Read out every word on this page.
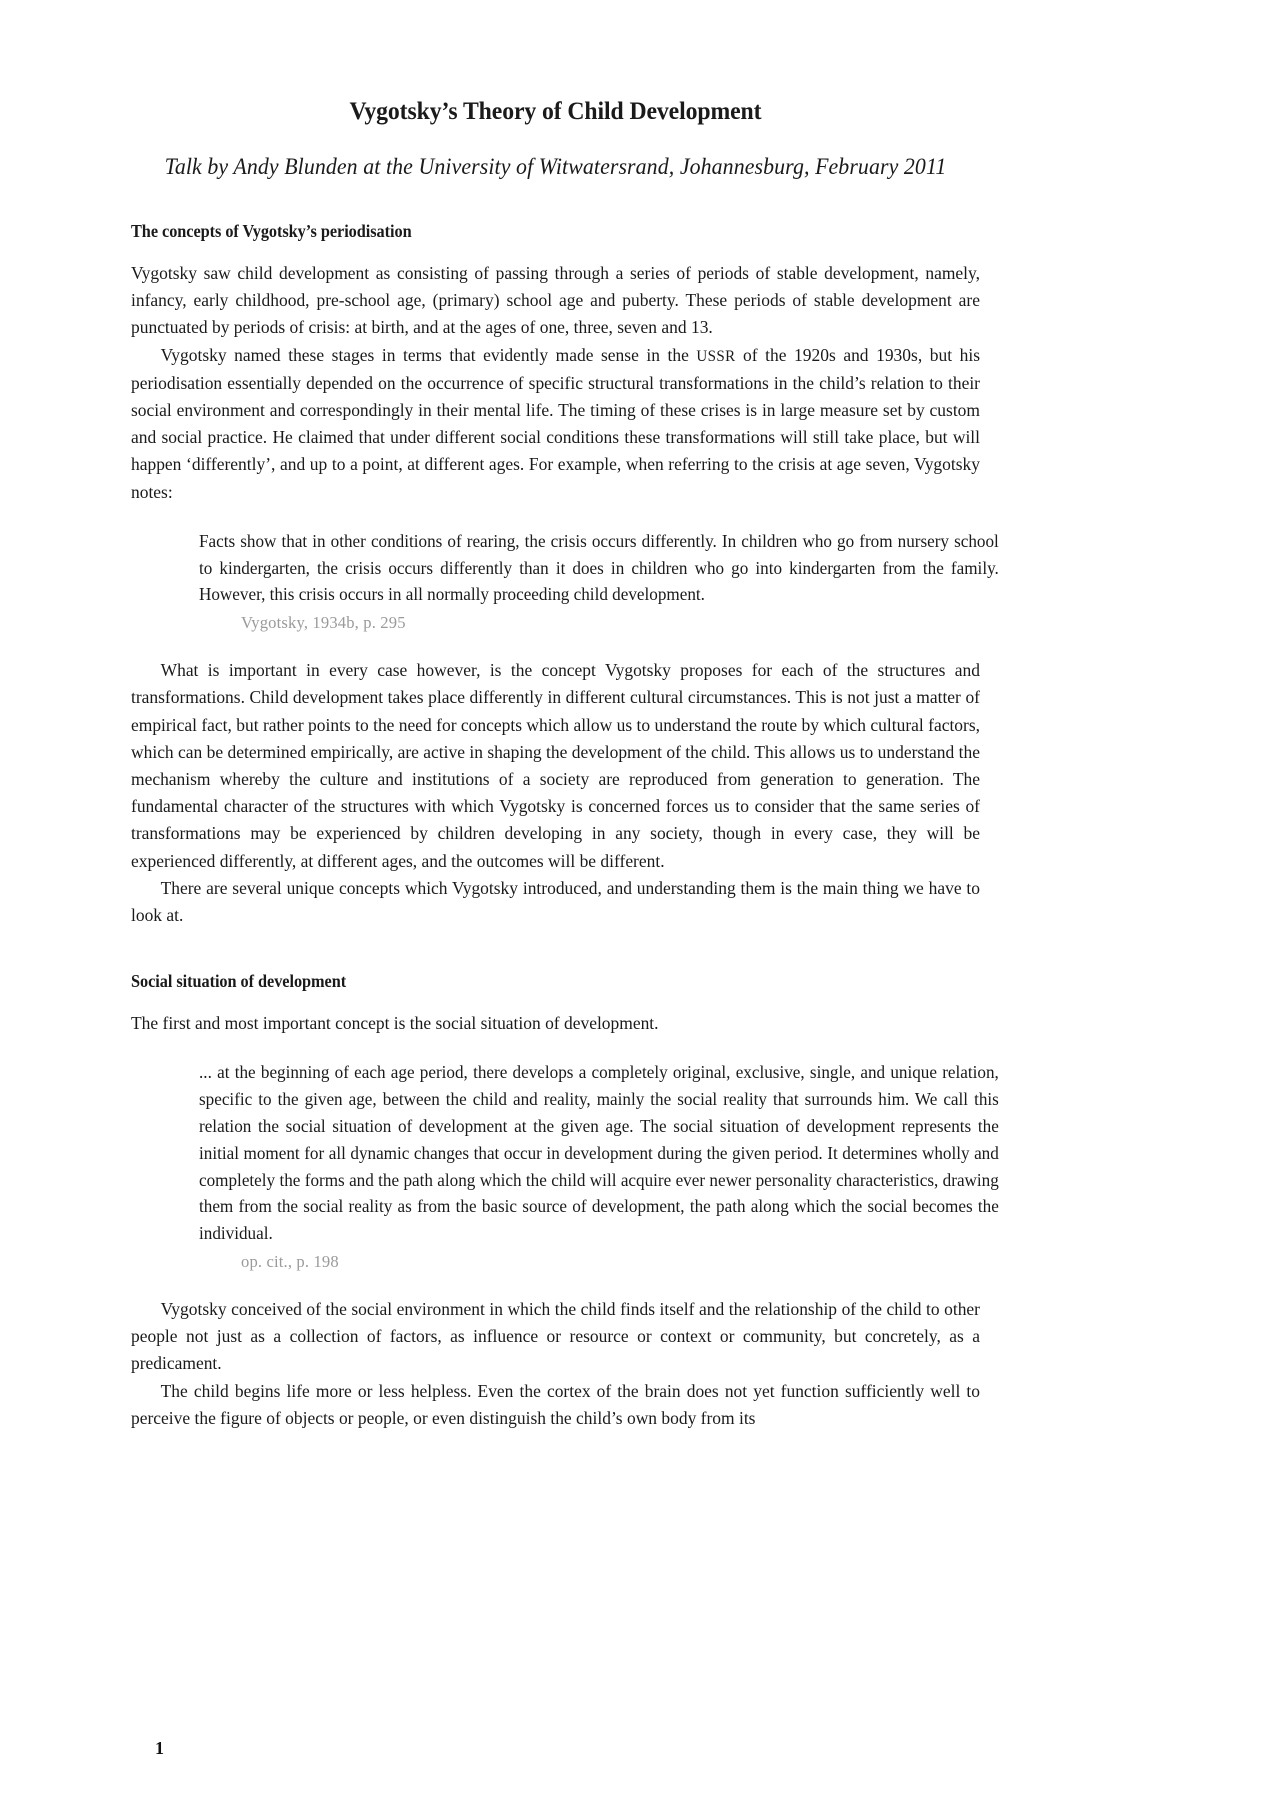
Vygotsky’s Theory of Child Development
Talk by Andy Blunden at the University of Witwatersrand, Johannesburg, February 2011
The concepts of Vygotsky’s periodisation

Vygotsky saw child development as consisting of passing through a series of periods of stable development, namely, infancy, early childhood, pre-school age, (primary) school age and puberty. These periods of stable development are punctuated by periods of crisis: at birth, and at the ages of one, three, seven and 13.

Vygotsky named these stages in terms that evidently made sense in the USSR of the 1920s and 1930s, but his periodisation essentially depended on the occurrence of specific structural transformations in the child’s relation to their social environment and correspondingly in their mental life. The timing of these crises is in large measure set by custom and social practice. He claimed that under different social conditions these transformations will still take place, but will happen ‘differently’, and up to a point, at different ages. For example, when referring to the crisis at age seven, Vygotsky notes:

Facts show that in other conditions of rearing, the crisis occurs differently. In children who go from nursery school to kindergarten, the crisis occurs differently than it does in children who go into kindergarten from the family. However, this crisis occurs in all normally proceeding child development.

Vygotsky, 1934b, p. 295

What is important in every case however, is the concept Vygotsky proposes for each of the structures and transformations. Child development takes place differently in different cultural circumstances. This is not just a matter of empirical fact, but rather points to the need for concepts which allow us to understand the route by which cultural factors, which can be determined empirically, are active in shaping the development of the child. This allows us to understand the mechanism whereby the culture and institutions of a society are reproduced from generation to generation. The fundamental character of the structures with which Vygotsky is concerned forces us to consider that the same series of transformations may be experienced by children developing in any society, though in every case, they will be experienced differently, at different ages, and the outcomes will be different.

There are several unique concepts which Vygotsky introduced, and understanding them is the main thing we have to look at.

Social situation of development

The first and most important concept is the social situation of development.

... at the beginning of each age period, there develops a completely original, exclusive, single, and unique relation, specific to the given age, between the child and reality, mainly the social reality that surrounds him. We call this relation the social situation of development at the given age. The social situation of development represents the initial moment for all dynamic changes that occur in development during the given period. It determines wholly and completely the forms and the path along which the child will acquire ever newer personality characteristics, drawing them from the social reality as from the basic source of development, the path along which the social becomes the individual.

op. cit., p. 198

Vygotsky conceived of the social environment in which the child finds itself and the relationship of the child to other people not just as a collection of factors, as influence or resource or context or community, but concretely, as a predicament.

The child begins life more or less helpless. Even the cortex of the brain does not yet function sufficiently well to perceive the figure of objects or people, or even distinguish the child’s own body from its

1
